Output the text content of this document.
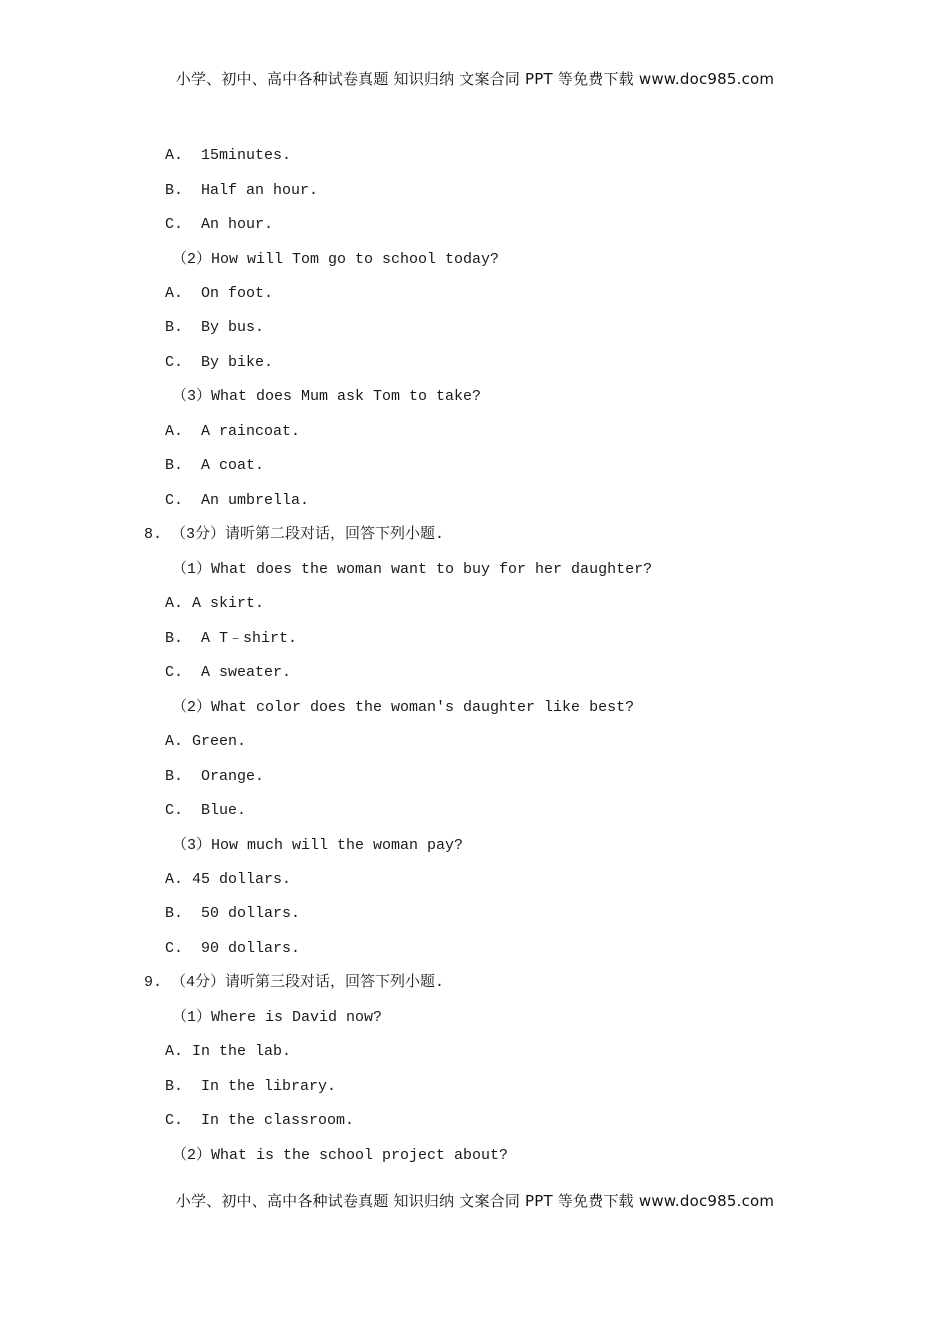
小学、初中、高中各种试卷真题 知识归纳 文案合同 PPT 等免费下载 www.doc985.com
A.  15minutes.
B.  Half an hour.
C.  An hour.
（2）How will Tom go to school today?
A.  On foot.
B.  By bus.
C.  By bike.
（3）What does Mum ask Tom to take?
A.  A raincoat.
B.  A coat.
C.  An umbrella.
8. （3分）请听第二段对话，回答下列小题.
（1）What does the woman want to buy for her daughter?
A. A skirt.
B.  A T﹣shirt.
C.  A sweater.
（2）What color does the woman's daughter like best?
A. Green.
B.  Orange.
C.  Blue.
（3）How much will the woman pay?
A. 45 dollars.
B.  50 dollars.
C.  90 dollars.
9. （4分）请听第三段对话，回答下列小题.
（1）Where is David now?
A. In the lab.
B.  In the library.
C.  In the classroom.
（2）What is the school project about?
小学、初中、高中各种试卷真题 知识归纳 文案合同 PPT 等免费下载 www.doc985.com
